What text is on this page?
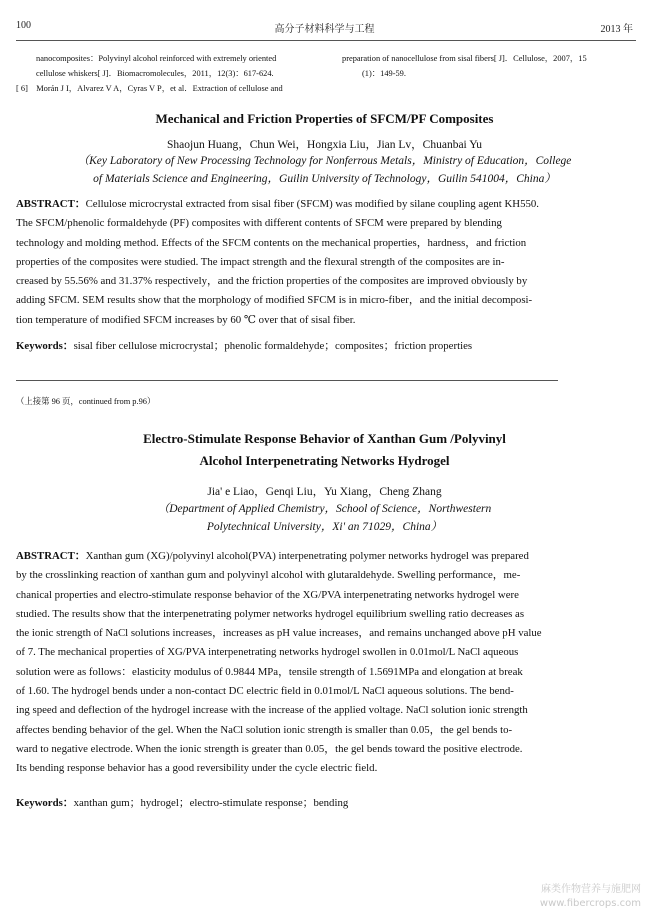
100	高分子材料科学与工程	2013 年
nanocomposites：Polyvinyl alcohol reinforced with extremely oriented
cellulose whiskers[ J]．Biomacromolecules，2011，12(3)：617-624.
[ 6]　Morán J I，Alvarez V A，Cyras V P，et al．Extraction of cellulose and
preparation of nanocellulose from sisal fibers[ J]．Cellulose，2007，15
(1)：149-59.
Mechanical and Friction Properties of SFCM/PF Composites
Shaojun Huang，Chun Wei，Hongxia Liu，Jian Lv，Chuanbai Yu
（Key Laboratory of New Processing Technology for Nonferrous Metals，Ministry of Education，College
of Materials Science and Engineering，Guilin University of Technology，Guilin 541004，China）
ABSTRACT：Cellulose microcrystal extracted from sisal fiber (SFCM) was modified by silane coupling agent KH550.
The SFCM/phenolic formaldehyde (PF) composites with different contents of SFCM were prepared by blending
technology and molding method. Effects of the SFCM contents on the mechanical properties，hardness，and friction
properties of the composites were studied. The impact strength and the flexural strength of the composites are in-
creased by 55.56% and 31.37% respectively，and the friction properties of the composites are improved obviously by
adding SFCM. SEM results show that the morphology of modified SFCM is in micro-fiber，and the initial decomposi-
tion temperature of modified SFCM increases by 60 ℃ over that of sisal fiber.
Keywords：sisal fiber cellulose microcrystal；phenolic formaldehyde；composites；friction properties
（上接第 96 页，continued from p.96）
Electro-Stimulate Response Behavior of Xanthan Gum /Polyvinyl
Alcohol Interpenetrating Networks Hydrogel
Jia' e Liao，Genqi Liu，Yu Xiang，Cheng Zhang
（Department of Applied Chemistry，School of Science，Northwestern
Polytechnical University，Xi' an 71029，China）
ABSTRACT：Xanthan gum (XG)/polyvinyl alcohol(PVA) interpenetrating polymer networks hydrogel was prepared
by the crosslinking reaction of xanthan gum and polyvinyl alcohol with glutaraldehyde. Swelling performance，me-
chanical properties and electro-stimulate response behavior of the XG/PVA interpenetrating networks hydrogel were
studied. The results show that the interpenetrating polymer networks hydrogel equilibrium swelling ratio decreases as
the ionic strength of NaCl solutions increases，increases as pH value increases，and remains unchanged above pH value
of 7. The mechanical properties of XG/PVA interpenetrating networks hydrogel swollen in 0.01mol/L NaCl aqueous
solution were as follows：elasticity modulus of 0.9844 MPa，tensile strength of 1.5691MPa and elongation at break
of 1.60. The hydrogel bends under a non-contact DC electric field in 0.01mol/L NaCl aqueous solutions. The bend-
ing speed and deflection of the hydrogel increase with the increase of the applied voltage. NaCl solution ionic strength
affectes bending behavior of the gel. When the NaCl solution ionic strength is smaller than 0.05，the gel bends to-
ward to negative electrode. When the ionic strength is greater than 0.05，the gel bends toward the positive electrode.
Its bending response behavior has a good reversibility under the cycle electric field.
Keywords：xanthan gum；hydrogel；electro-stimulate response；bending
麻类作物营养与施肥网
www.fibercrops.com
